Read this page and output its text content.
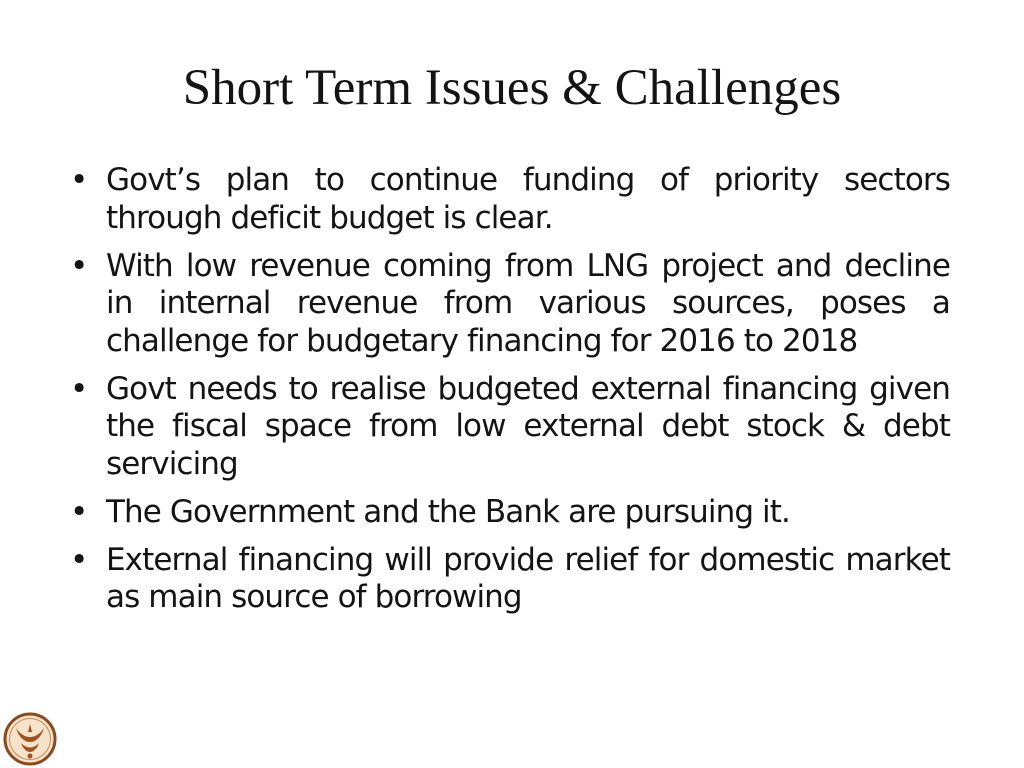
Short Term Issues & Challenges
• Govt’s plan to continue funding of priority sectors through deficit budget is clear.
• With low revenue coming from LNG project and decline in internal revenue from various sources, poses a challenge for budgetary financing for 2016 to 2018
• Govt needs to realise budgeted external financing given the fiscal space from low external debt stock & debt servicing
• The Government and the Bank are pursuing it.
• External financing will provide relief for domestic market as main source of borrowing
